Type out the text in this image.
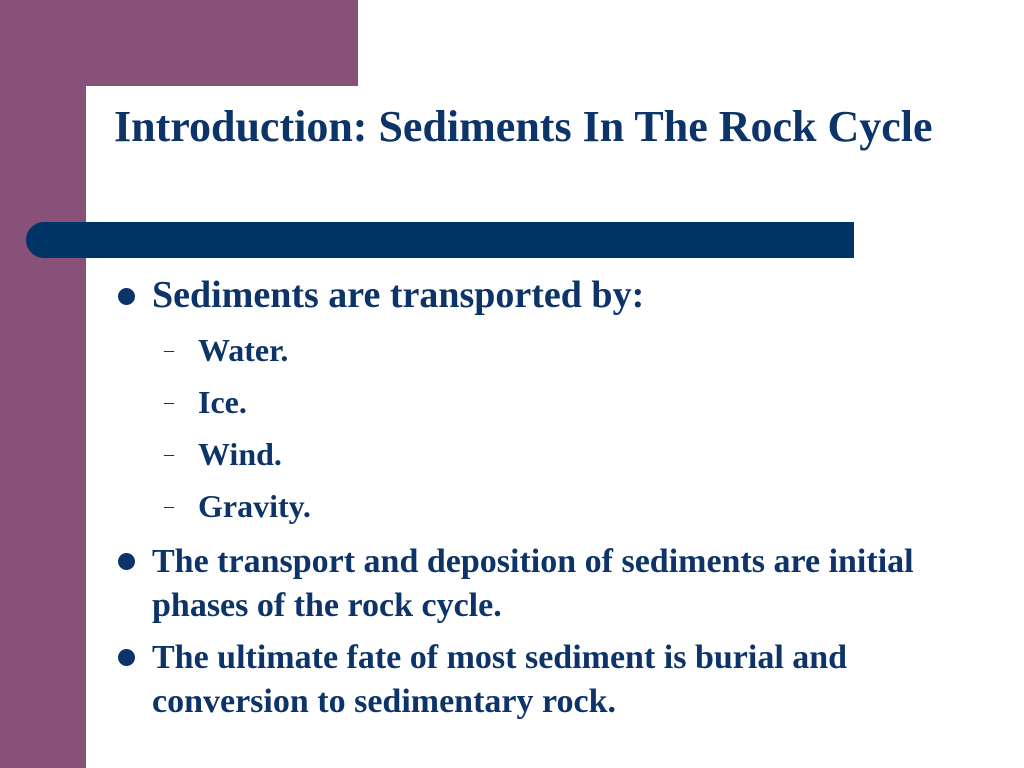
Introduction: Sediments In The Rock Cycle
Sediments are transported by:
– Water.
– Ice.
– Wind.
– Gravity.
The transport and deposition of sediments are initial phases of the rock cycle.
The ultimate fate of most sediment is burial and conversion to sedimentary rock.
